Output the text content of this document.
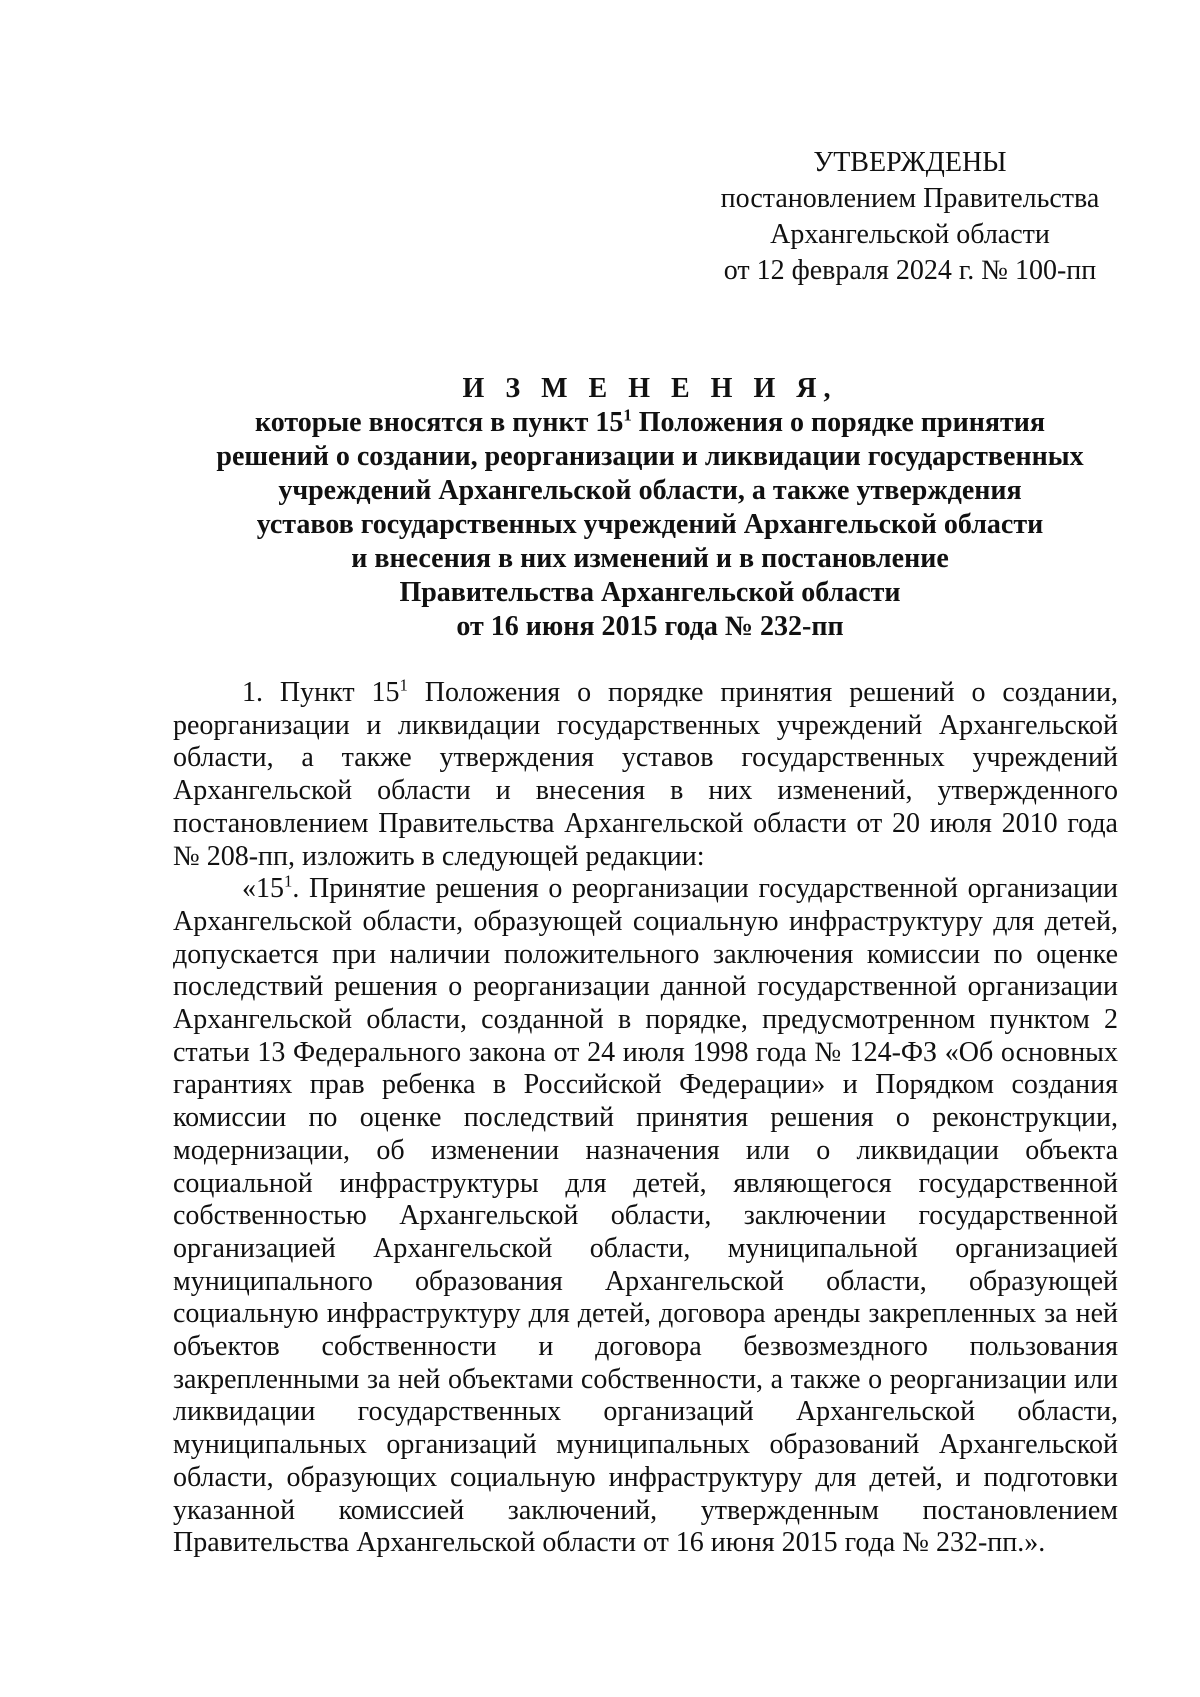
УТВЕРЖДЕНЫ
постановлением Правительства
Архангельской области
от 12 февраля 2024 г. № 100-пп
И З М Е Н Е Н И Я,
которые вносятся в пункт $15^1$ Положения о порядке принятия
решений о создании, реорганизации и ликвидации государственных
учреждений Архангельской области, а также утверждения
уставов государственных учреждений Архангельской области
и внесения в них изменений и в постановление
Правительства Архангельской области
от 16 июня 2015 года № 232-пп

1. Пункт $15^1$ Положения о порядке принятия решений о создании, реорганизации и ликвидации государственных учреждений Архангельской области, а также утверждения уставов государственных учреждений Архангельской области и внесения в них изменений, утвержденного постановлением Правительства Архангельской области от 20 июля 2010 года № 208-пп, изложить в следующей редакции:

«$15^1$. Принятие решения о реорганизации государственной организации Архангельской области, образующей социальную инфраструктуру для детей, допускается при наличии положительного заключения комиссии по оценке последствий решения о реорганизации данной государственной организации Архангельской области, созданной в порядке, предусмотренном пунктом 2 статьи 13 Федерального закона от 24 июля 1998 года № 124-ФЗ «Об основных гарантиях прав ребенка в Российской Федерации» и Порядком создания комиссии по оценке последствий принятия решения о реконструкции, модернизации, об изменении назначения или о ликвидации объекта социальной инфраструктуры для детей, являющегося государственной собственностью Архангельской области, заключении государственной организацией Архангельской области, муниципальной организацией муниципального образования Архангельской области, образующей социальную инфраструктуру для детей, договора аренды закрепленных за ней объектов собственности и договора безвозмездного пользования закрепленными за ней объектами собственности, а также о реорганизации или ликвидации государственных организаций Архангельской области, муниципальных организаций муниципальных образований Архангельской области, образующих социальную инфраструктуру для детей, и подготовки указанной комиссией заключений, утвержденным постановлением Правительства Архангельской области от 16 июня 2015 года № 232-пп.».
